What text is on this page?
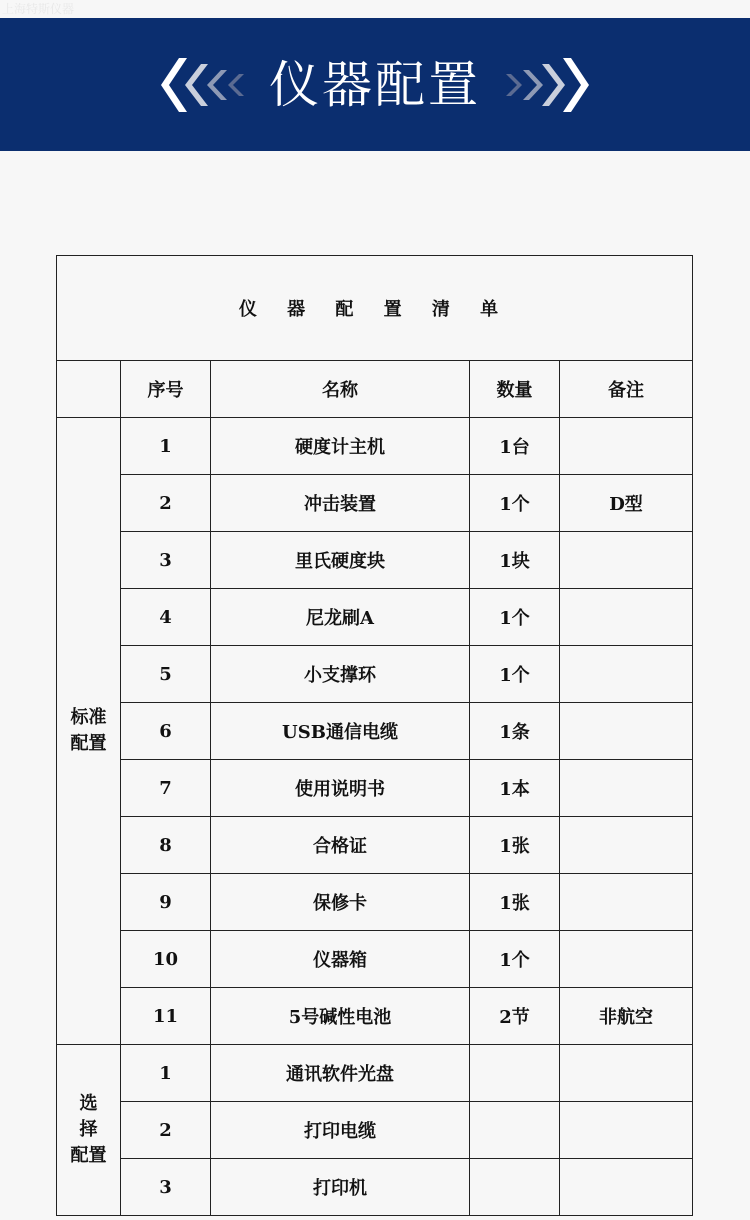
上海特斯仪器
仪器配置
仪 器 配 置 清 单				
	序号	名称	数量	备注
标准
配置	1	硬度计主机	1台	
	2	冲击装置	1个	D型
	3	里氏硬度块	1块	
	4	尼龙刷A	1个	
	5	小支撑环	1个	
	6	USB通信电缆	1条	
	7	使用说明书	1本	
	8	合格证	1张	
	9	保修卡	1张	
	10	仪器箱	1个	
	11	5号碱性电池	2节	非航空
选
择
配置	1	通讯软件光盘		
	2	打印电缆		
	3	打印机		
